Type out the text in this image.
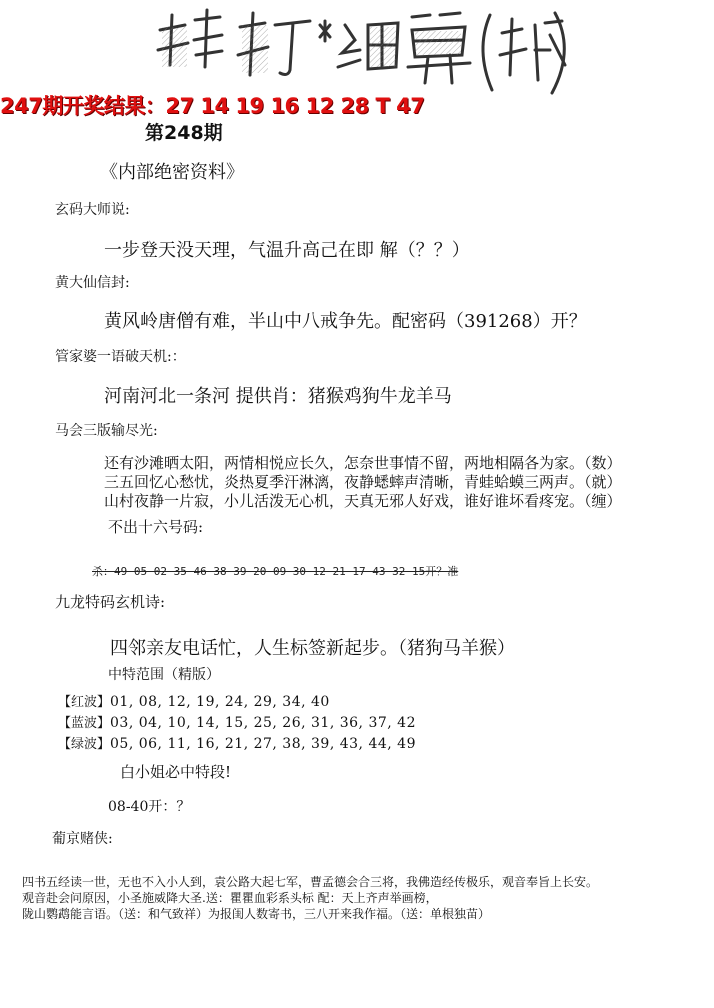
247期开奖结果：27 14 19 16 12 28 T 47
第248期
《内部绝密资料》
玄码大师说:
一步登天没天理，气温升高己在即 解（？？）
黄大仙信封:
黄风岭唐僧有难，半山中八戒争先。配密码（391268）开？
管家婆一语破天机:：
河南河北一条河 提供肖：猪猴鸡狗牛龙羊马
马会三版输尽光:
还有沙滩晒太阳，两情相悦应长久，怎奈世事情不留，两地相隔各为家。（数）
三五回忆心愁忧，炎热夏季汗淋漓，夜静蟋蟀声清晰，青蛙蛤蟆三两声。（就）
山村夜静一片寂，小儿活泼无心机，天真无邪人好戏，谁好谁坏看疼宠。（缠）
不出十六号码:
杀：49 05 02 35 46 38 39 20 09 30 12 21 17 43 32 15开？准
九龙特码玄机诗:
四邻亲友电话忙，人生标签新起步。（猪狗马羊猴）
中特范围（精版）
【红波】01, 08, 12, 19, 24, 29, 34, 40
【蓝波】03, 04, 10, 14, 15, 25, 26, 31, 36, 37, 42
【绿波】05, 06, 11, 16, 21, 27, 38, 39, 43, 44, 49
白小姐必中特段!
08-40开：？
葡京赌侠:
四书五经读一世，无也不入小人到，袁公路大起七军，曹孟德会合三将，我佛造经传极乐，观音奉旨上长安。
观音赴会问原因，小圣施威降大圣.送：瞿瞿血彩系头标 配：天上齐声举画榜，
陇山鹦鹉能言语。（送：和气致祥）为报闺人数寄书，三八开来我作福。（送：单根独苗）
